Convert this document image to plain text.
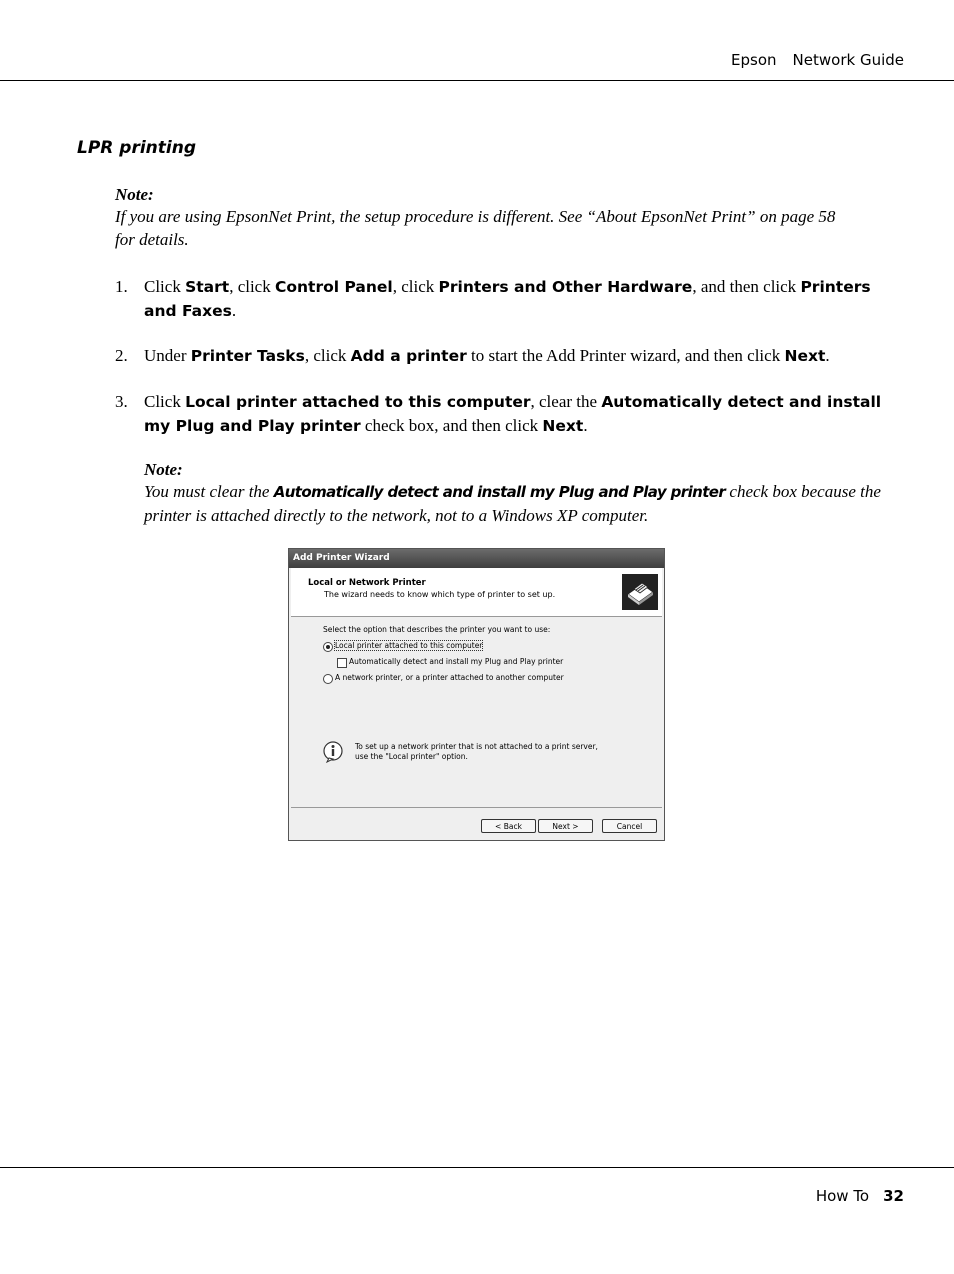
Epson Network Guide
LPR printing
Note:
If you are using EpsonNet Print, the setup procedure is different. See “About EpsonNet Print” on page 58 for details.
1. Click Start, click Control Panel, click Printers and Other Hardware, and then click Printers and Faxes.
2. Under Printer Tasks, click Add a printer to start the Add Printer wizard, and then click Next.
3. Click Local printer attached to this computer, clear the Automatically detect and install my Plug and Play printer check box, and then click Next.
Note:
You must clear the Automatically detect and install my Plug and Play printer check box because the printer is attached directly to the network, not to a Windows XP computer.
Add Printer Wizard
Local or Network Printer
The wizard needs to know which type of printer to set up.
Select the option that describes the printer you want to use:
Local printer attached to this computer
Automatically detect and install my Plug and Play printer
A network printer, or a printer attached to another computer
To set up a network printer that is not attached to a print server,
use the "Local printer" option.
< Back	Next >	Cancel
How To 32
